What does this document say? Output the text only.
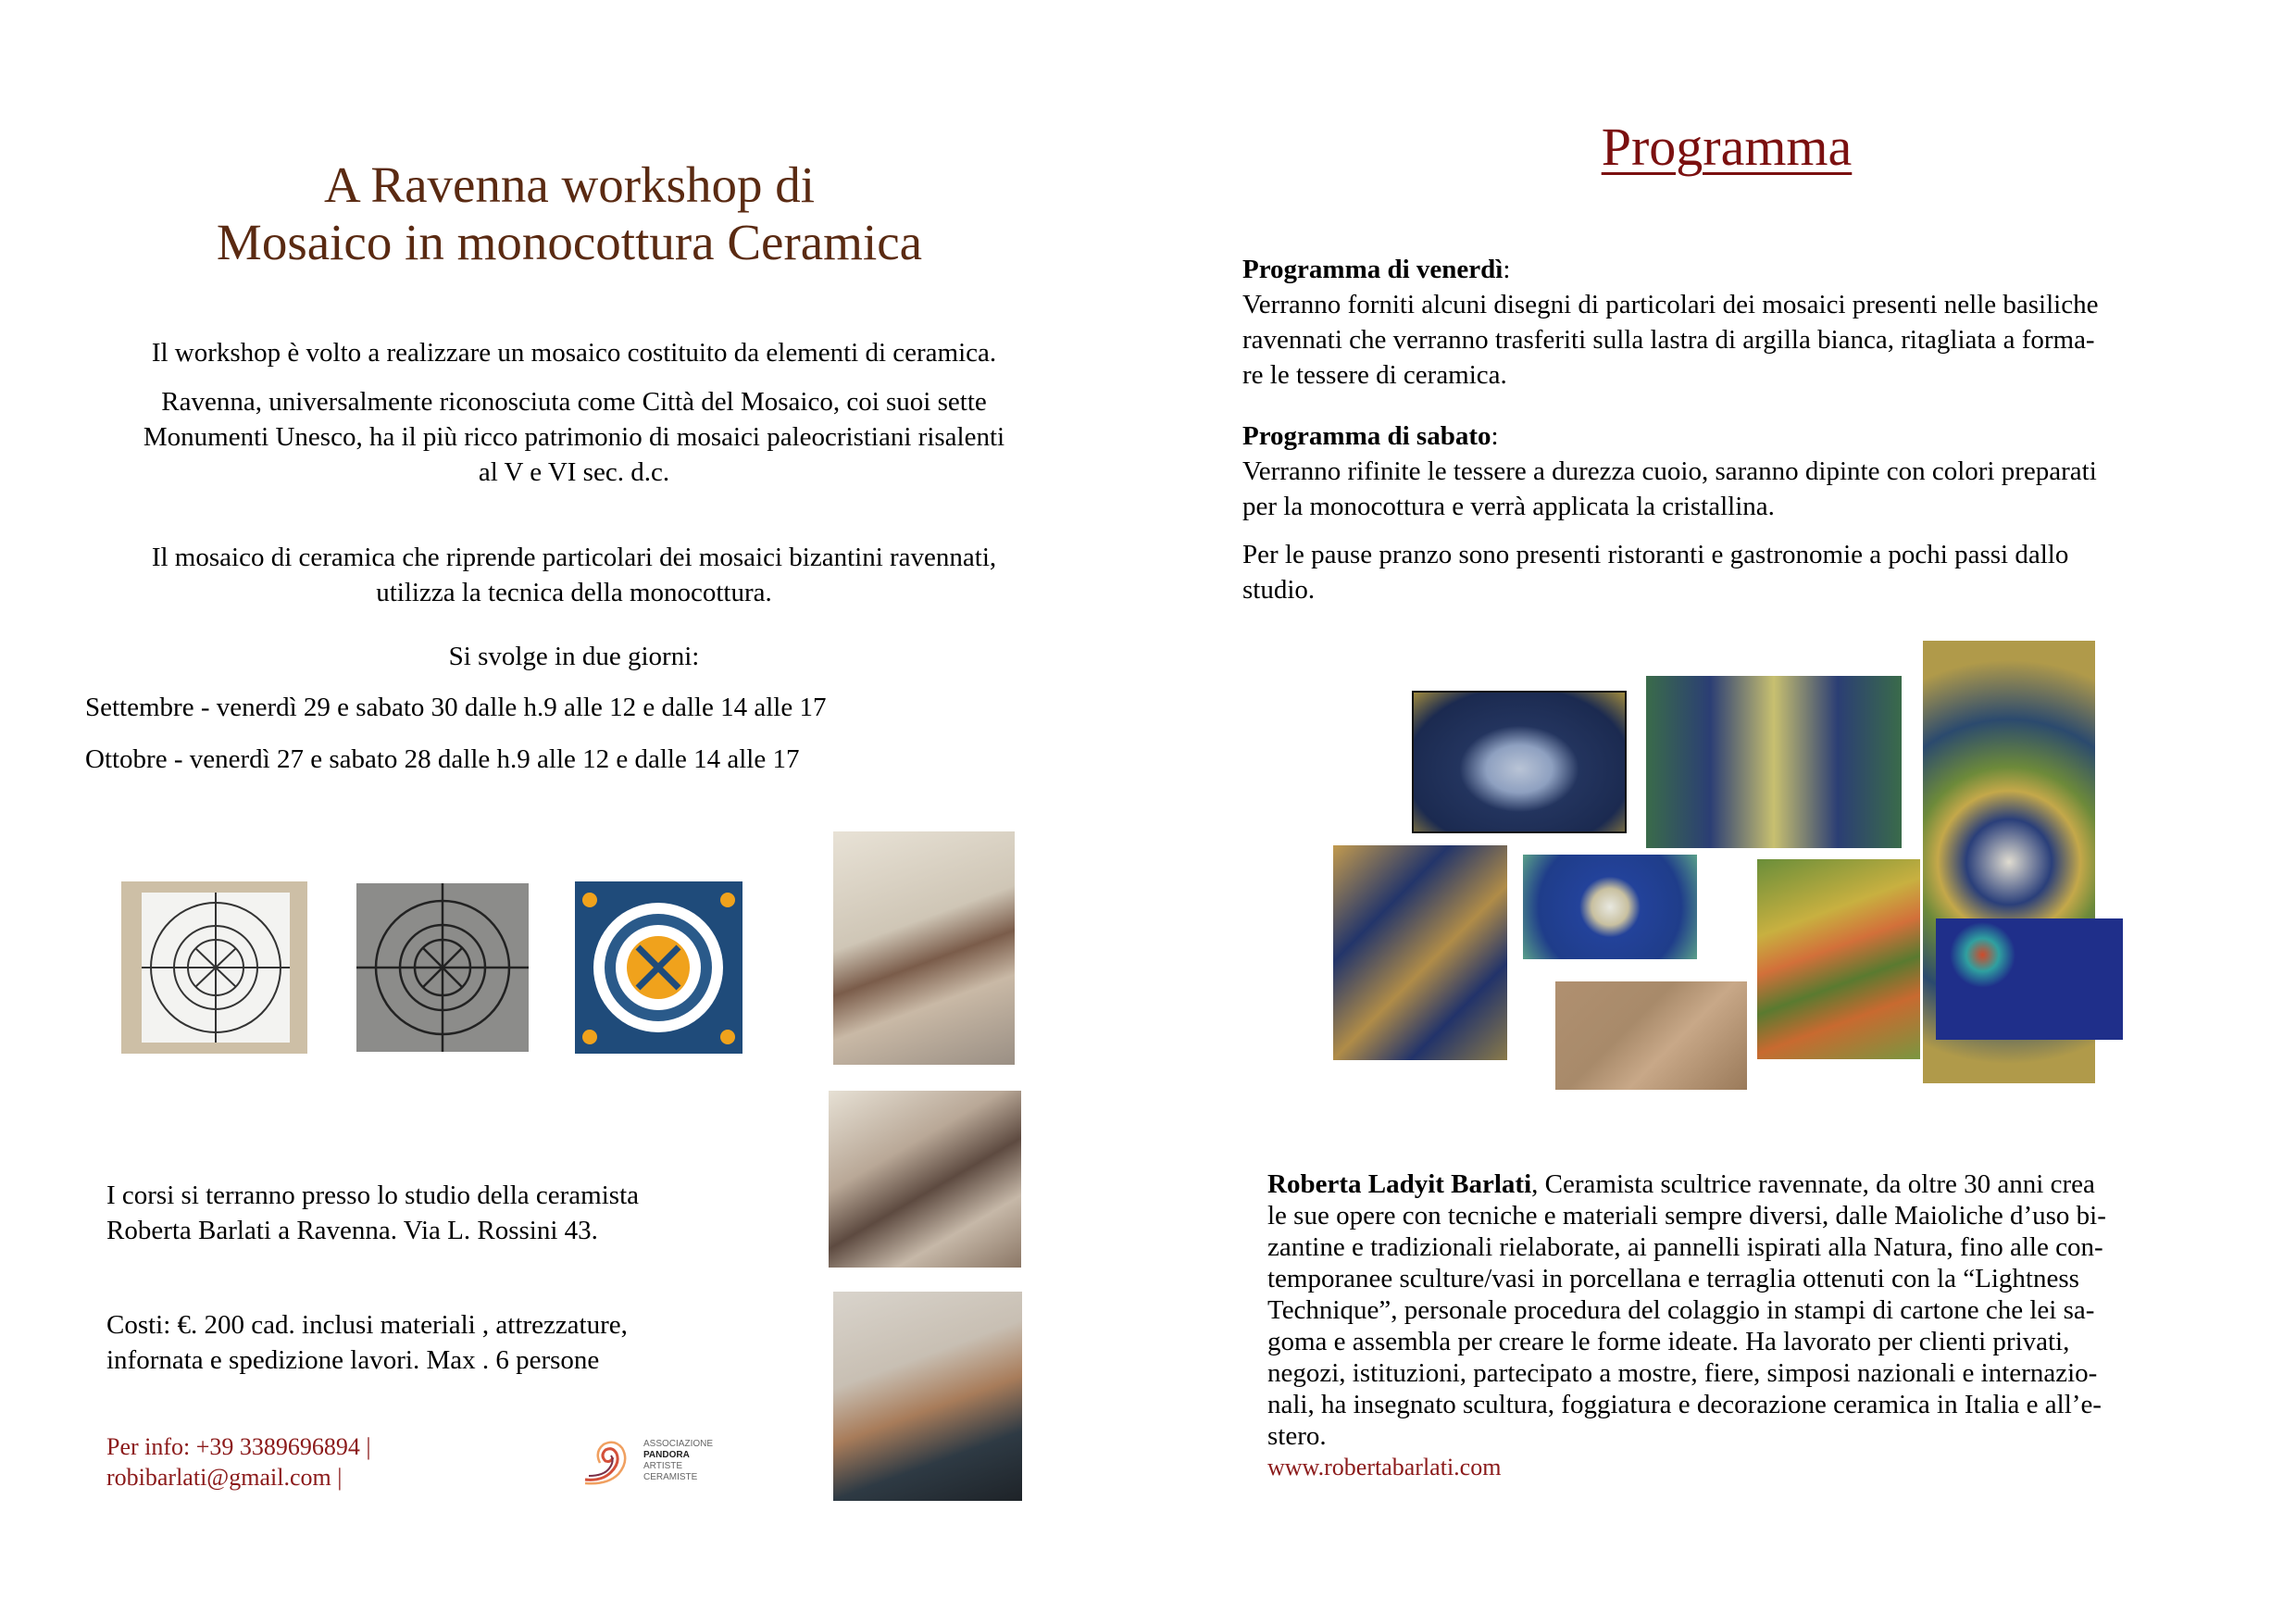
A Ravenna workshop di
Mosaico in monocottura Ceramica
Il workshop è volto a realizzare un mosaico costituito da elementi di ceramica.
Ravenna, universalmente riconosciuta come Città del Mosaico, coi suoi sette
Monumenti Unesco, ha il più ricco patrimonio di mosaici paleocristiani risalenti
al V e VI sec. d.c.
Il mosaico di ceramica che riprende particolari dei mosaici bizantini ravennati,
utilizza la tecnica della monocottura.
Si svolge in due giorni:
Settembre - venerdì 29 e sabato 30 dalle h.9 alle 12 e dalle 14 alle 17
Ottobre - venerdì 27 e sabato 28 dalle h.9 alle 12 e dalle 14 alle 17
I corsi si terranno presso lo studio della ceramista
Roberta Barlati a Ravenna. Via L. Rossini 43.
Costi: €. 200 cad. inclusi materiali , attrezzature,
infornata e spedizione lavori. Max . 6 persone
Per info: +39 3389696894 |
robibarlati@gmail.com |
ASSOCIAZIONE
PANDORA
ARTISTE
CERAMISTE
Programma
Programma di venerdì:
Verranno forniti alcuni disegni di particolari dei mosaici presenti nelle basiliche
ravennati che verranno trasferiti sulla lastra di argilla bianca, ritagliata a forma-
re le tessere di ceramica.
Programma di sabato:
Verranno rifinite le tessere a durezza cuoio, saranno dipinte con colori preparati
per la monocottura e verrà applicata la cristallina.
Per le pause pranzo sono presenti ristoranti e gastronomie a pochi passi dallo
studio.
Roberta Ladyit Barlati, Ceramista scultrice ravennate, da oltre 30 anni crea
le sue opere con tecniche e materiali sempre diversi, dalle Maioliche d’uso bi-
zantine e tradizionali rielaborate, ai pannelli ispirati alla Natura, fino alle con-
temporanee sculture/vasi in porcellana e terraglia ottenuti con la “Lightness
Technique”, personale procedura del colaggio in stampi di cartone che lei sa-
goma e assembla per creare le forme ideate. Ha lavorato per clienti privati,
negozi, istituzioni, partecipato a mostre, fiere, simposi nazionali e internazio-
nali, ha insegnato scultura, foggiatura e decorazione ceramica in Italia e all’e-
stero.
www.robertabarlati.com
